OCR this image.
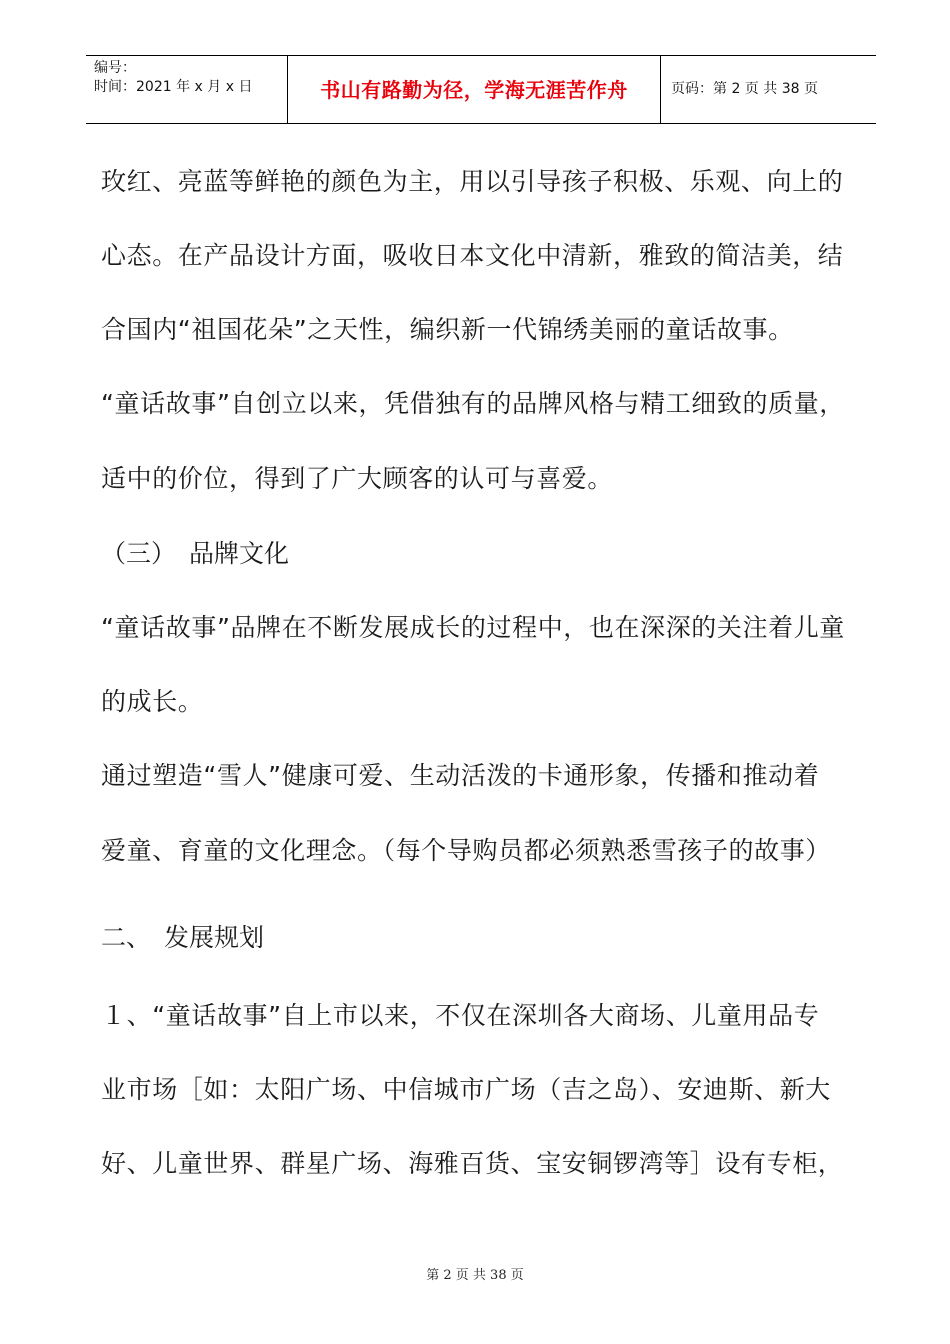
编号：
时间：2021 年 x 月 x 日	书山有路勤为径，学海无涯苦作舟	页码：第 2 页 共 38 页
玫红、亮蓝等鲜艳的颜色为主，用以引导孩子积极、乐观、向上的
心态。在产品设计方面，吸收日本文化中清新，雅致的简洁美，结
合国内“祖国花朵”之天性，编织新一代锦绣美丽的童话故事。
“童话故事”自创立以来，凭借独有的品牌风格与精工细致的质量，
适中的价位，得到了广大顾客的认可与喜爱。
（三） 品牌文化
“童话故事”品牌在不断发展成长的过程中，也在深深的关注着儿童
的成长。
通过塑造“雪人”健康可爱、生动活泼的卡通形象，传播和推动着
爱童、育童的文化理念。（每个导购员都必须熟悉雪孩子的故事）
二、 发展规划
１、“童话故事”自上市以来，不仅在深圳各大商场、儿童用品专
业市场［如：太阳广场、中信城市广场（吉之岛）、安迪斯、新大
好、儿童世界、群星广场、海雅百货、宝安铜锣湾等］设有专柜，
第 2 页 共 38 页
